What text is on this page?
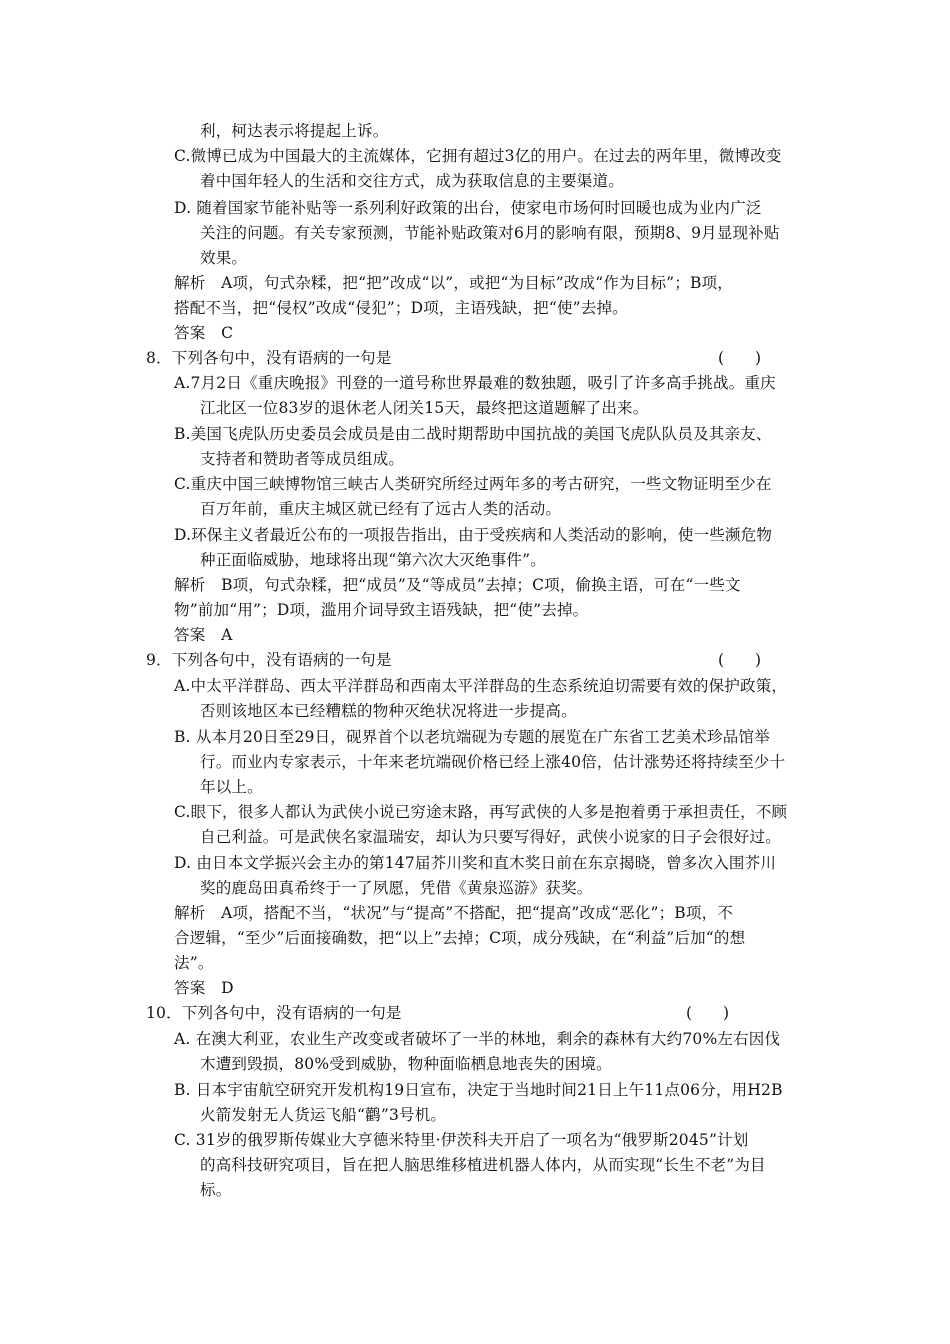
利，柯达表示将提起上诉。
C.微博已成为中国最大的主流媒体，它拥有超过3亿的用户。在过去的两年里，微博改变
着中国年轻人的生活和交往方式，成为获取信息的主要渠道。
D. 随着国家节能补贴等一系列利好政策的出台，使家电市场何时回暖也成为业内广泛
关注的问题。有关专家预测，节能补贴政策对6月的影响有限，预期8、9月显现补贴
效果。
解析　A项，句式杂糅，把“把”改成“以”，或把“为目标”改成“作为目标”；B项，
搭配不当，把“侵权”改成“侵犯”；D项，主语残缺，把“使”去掉。
答案　C
8．下列各句中，没有语病的一句是	(　　)
A.7月2日《重庆晚报》刊登的一道号称世界最难的数独题，吸引了许多高手挑战。重庆
江北区一位83岁的退休老人闭关15天，最终把这道题解了出来。
B.美国飞虎队历史委员会成员是由二战时期帮助中国抗战的美国飞虎队队员及其亲友、
支持者和赞助者等成员组成。
C.重庆中国三峡博物馆三峡古人类研究所经过两年多的考古研究，一些文物证明至少在
百万年前，重庆主城区就已经有了远古人类的活动。
D.环保主义者最近公布的一项报告指出，由于受疾病和人类活动的影响，使一些濒危物
种正面临威胁，地球将出现“第六次大灭绝事件”。
解析　B项，句式杂糅，把“成员”及“等成员”去掉；C项，偷换主语，可在“一些文
物”前加“用”；D项，滥用介词导致主语残缺，把“使”去掉。
答案　A
9．下列各句中，没有语病的一句是	(　　)
A.中太平洋群岛、西太平洋群岛和西南太平洋群岛的生态系统迫切需要有效的保护政策，
否则该地区本已经糟糕的物种灭绝状况将进一步提高。
B. 从本月20日至29日，砚界首个以老坑端砚为专题的展览在广东省工艺美术珍品馆举
行。而业内专家表示，十年来老坑端砚价格已经上涨40倍，估计涨势还将持续至少十
年以上。
C.眼下，很多人都认为武侠小说已穷途末路，再写武侠的人多是抱着勇于承担责任，不顾
自己利益。可是武侠名家温瑞安，却认为只要写得好，武侠小说家的日子会很好过。
D. 由日本文学振兴会主办的第147届芥川奖和直木奖日前在东京揭晓，曾多次入围芥川
奖的鹿岛田真希终于一了夙愿，凭借《黄泉巡游》获奖。
解析　A项，搭配不当，“状况”与“提高”不搭配，把“提高”改成“恶化”；B项，不
合逻辑，“至少”后面接确数，把“以上”去掉；C项，成分残缺，在“利益”后加“的想
法”。
答案　D
10．下列各句中，没有语病的一句是	(　　)
A. 在澳大利亚，农业生产改变或者破坏了一半的林地，剩余的森林有大约70%左右因伐
木遭到毁损，80%受到威胁，物种面临栖息地丧失的困境。
B. 日本宇宙航空研究开发机构19日宣布，决定于当地时间21日上午11点06分，用H2B
火箭发射无人货运飞船“鹳”3号机。
C. 31岁的俄罗斯传媒业大亨德米特里·伊茨科夫开启了一项名为“俄罗斯2045”计划
的高科技研究项目，旨在把人脑思维移植进机器人体内，从而实现“长生不老”为目
标。
